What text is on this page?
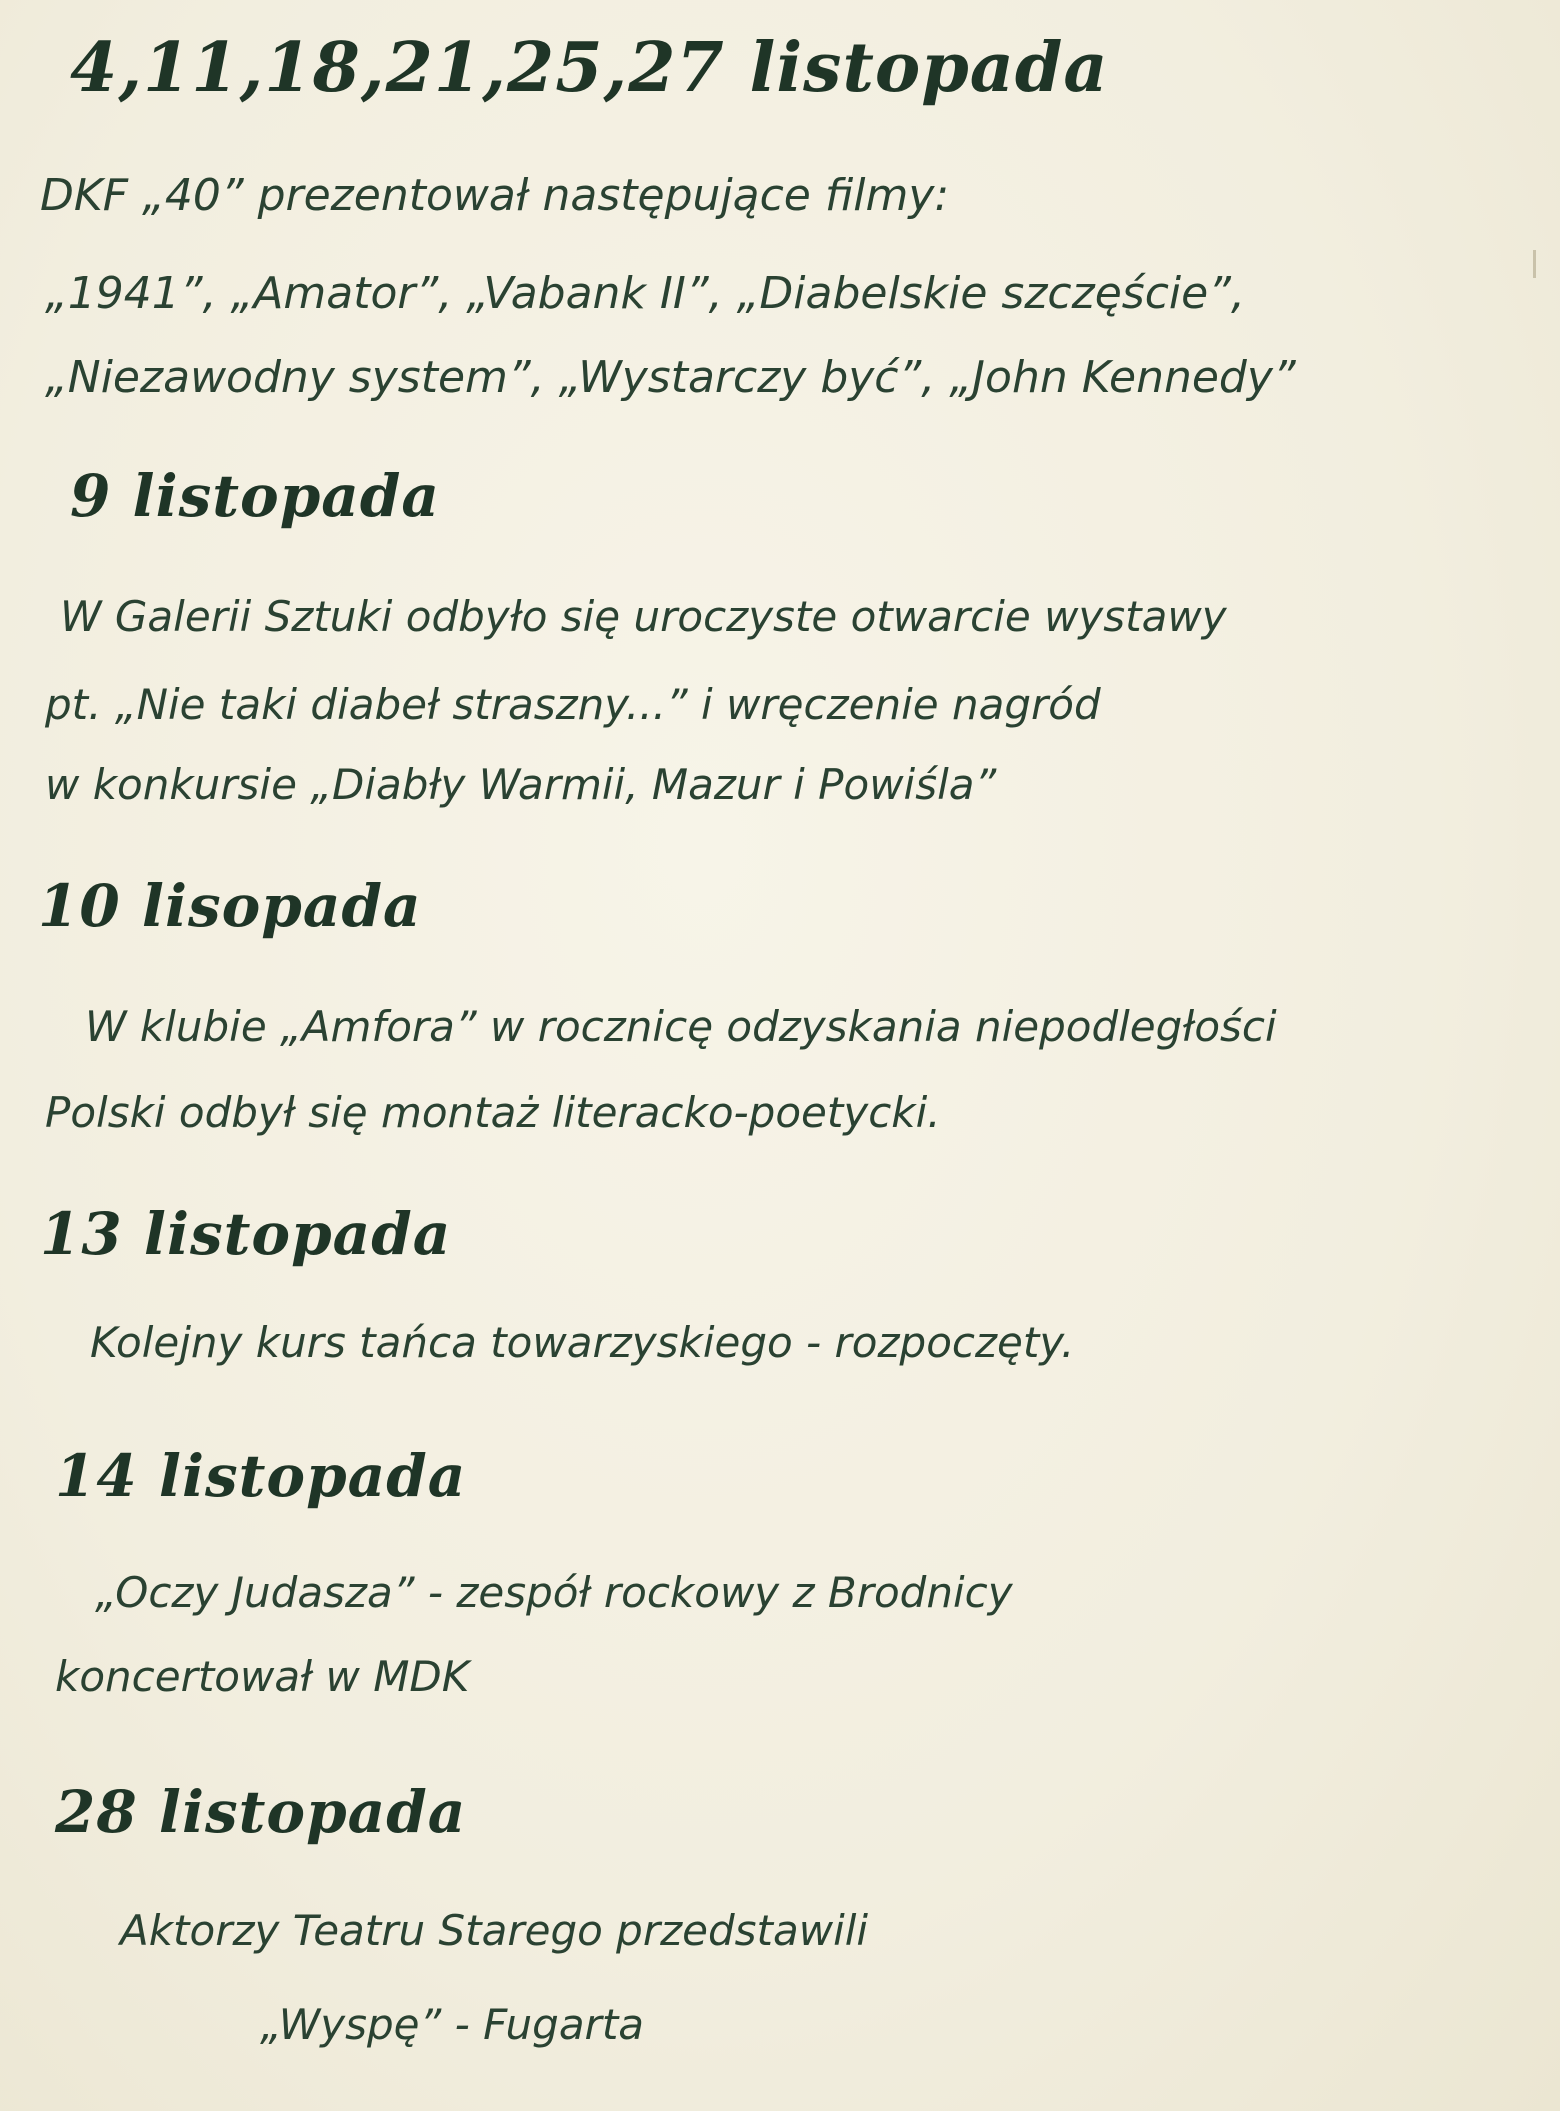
4,11,18,21,25,27 listopada
DKF „40” prezentował następujące filmy:
„1941”, „Amator”, „Vabank II”, „Diabelskie szczęście”,
„Niezawodny system”, „Wystarczy być”, „John Kennedy”
9 listopada
W Galerii Sztuki odbyło się uroczyste otwarcie wystawy
pt. „Nie taki diabeł straszny...” i wręczenie nagród
w konkursie „Diabły Warmii, Mazur i Powiśla”
10 lisopada
W klubie „Amfora” w rocznicę odzyskania niepodległości
Polski odbył się montaż literacko-poetycki.
13 listopada
Kolejny kurs tańca towarzyskiego - rozpoczęty.
14 listopada
„Oczy Judasza” - zespół rockowy z Brodnicy
koncertował w MDK
28 listopada
Aktorzy Teatru Starego przedstawili
„Wyspę” - Fugarta
